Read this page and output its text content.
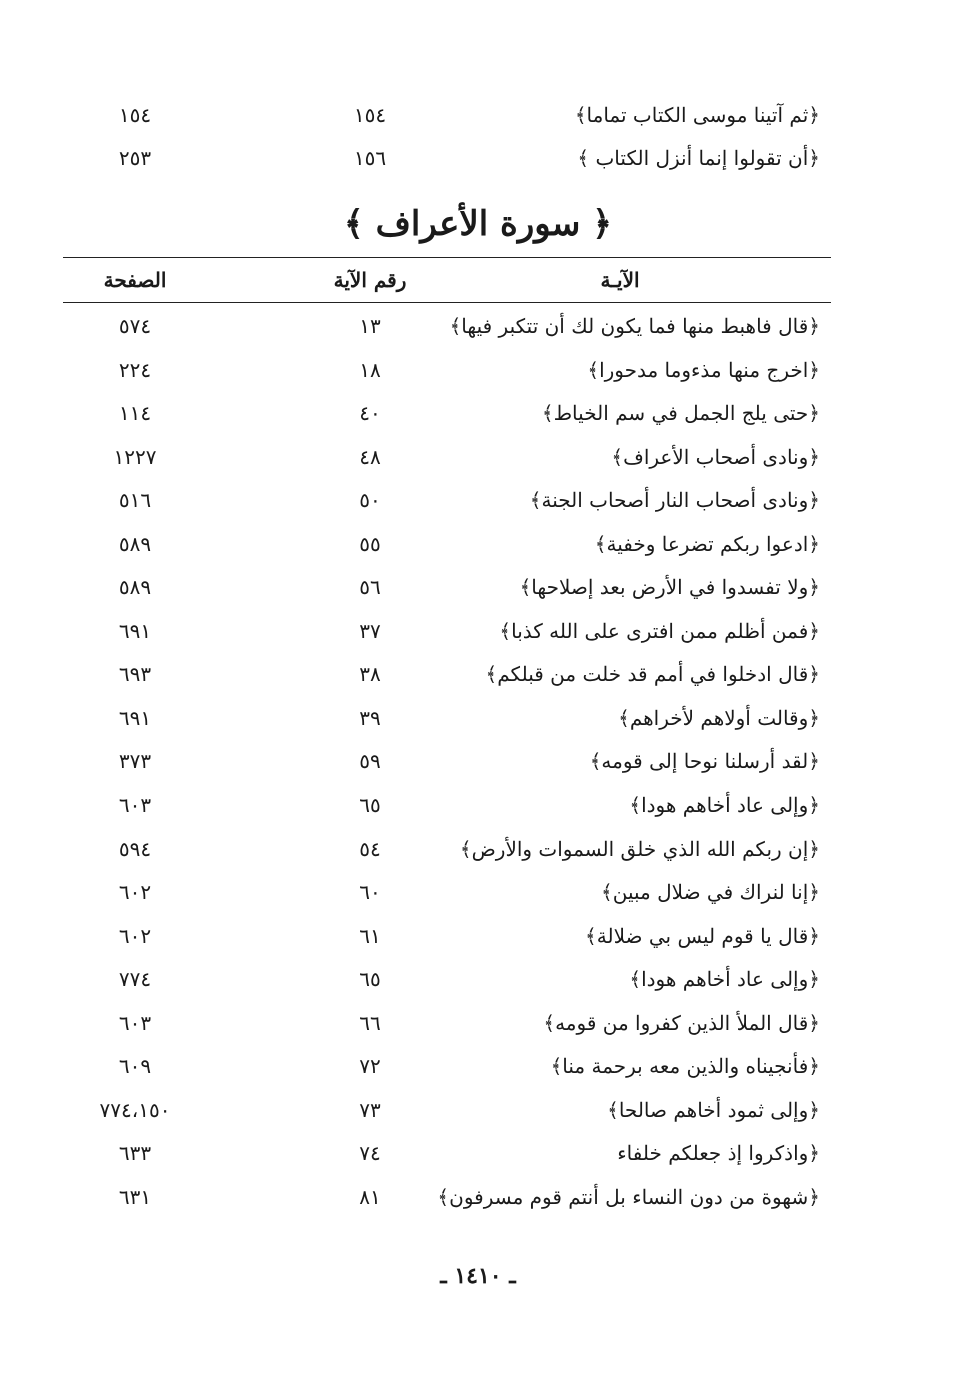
﴿ثم آتينا موسى الكتاب تماما﴾
١٥٤
١٥٤
﴿أن تقولوا إنما أنزل الكتاب ﴾
١٥٦
٢٥٣
﴿ سورة الأعراف ﴾
الآيـة
رقم الآية
الصفحة
﴿قال فاهبط منها فما يكون لك أن تتكبر فيها﴾
١٣
٥٧٤
﴿اخرج منها مذءوما مدحورا﴾
١٨
٢٢٤
﴿حتى يلج الجمل في سم الخياط﴾
٤٠
١١٤
﴿ونادى أصحاب الأعراف﴾
٤٨
١٢٢٧
﴿ونادى أصحاب النار أصحاب الجنة﴾
٥٠
٥١٦
﴿ادعوا ربكم تضرعا وخفية﴾
٥٥
٥٨٩
﴿ولا تفسدوا في الأرض بعد إصلاحها﴾
٥٦
٥٨٩
﴿فمن أظلم ممن افترى على الله كذبا﴾
٣٧
٦٩١
﴿قال ادخلوا في أمم قد خلت من قبلكم﴾
٣٨
٦٩٣
﴿وقالت أولاهم لأخراهم﴾
٣٩
٦٩١
﴿لقد أرسلنا نوحا إلى قومه﴾
٥٩
٣٧٣
﴿وإلى عاد أخاهم هودا﴾
٦٥
٦٠٣
﴿إن ربكم الله الذي خلق السموات والأرض﴾
٥٤
٥٩٤
﴿إنا لنراك في ضلال مبين﴾
٦٠
٦٠٢
﴿قال يا قوم ليس بي ضلالة﴾
٦١
٦٠٢
﴿وإلى عاد أخاهم هودا﴾
٦٥
٧٧٤
﴿قال الملأ الذين كفروا من قومه﴾
٦٦
٦٠٣
﴿فأنجيناه والذين معه برحمة منا﴾
٧٢
٦٠٩
﴿وإلى ثمود أخاهم صالحا﴾
٧٣
٧٧٤،١٥٠
﴿واذكروا إذ جعلكم خلفاء
٧٤
٦٣٣
﴿شهوة من دون النساء بل أنتم قوم مسرفون﴾
٨١
٦٣١
ـ ١٤١٠ ـ
